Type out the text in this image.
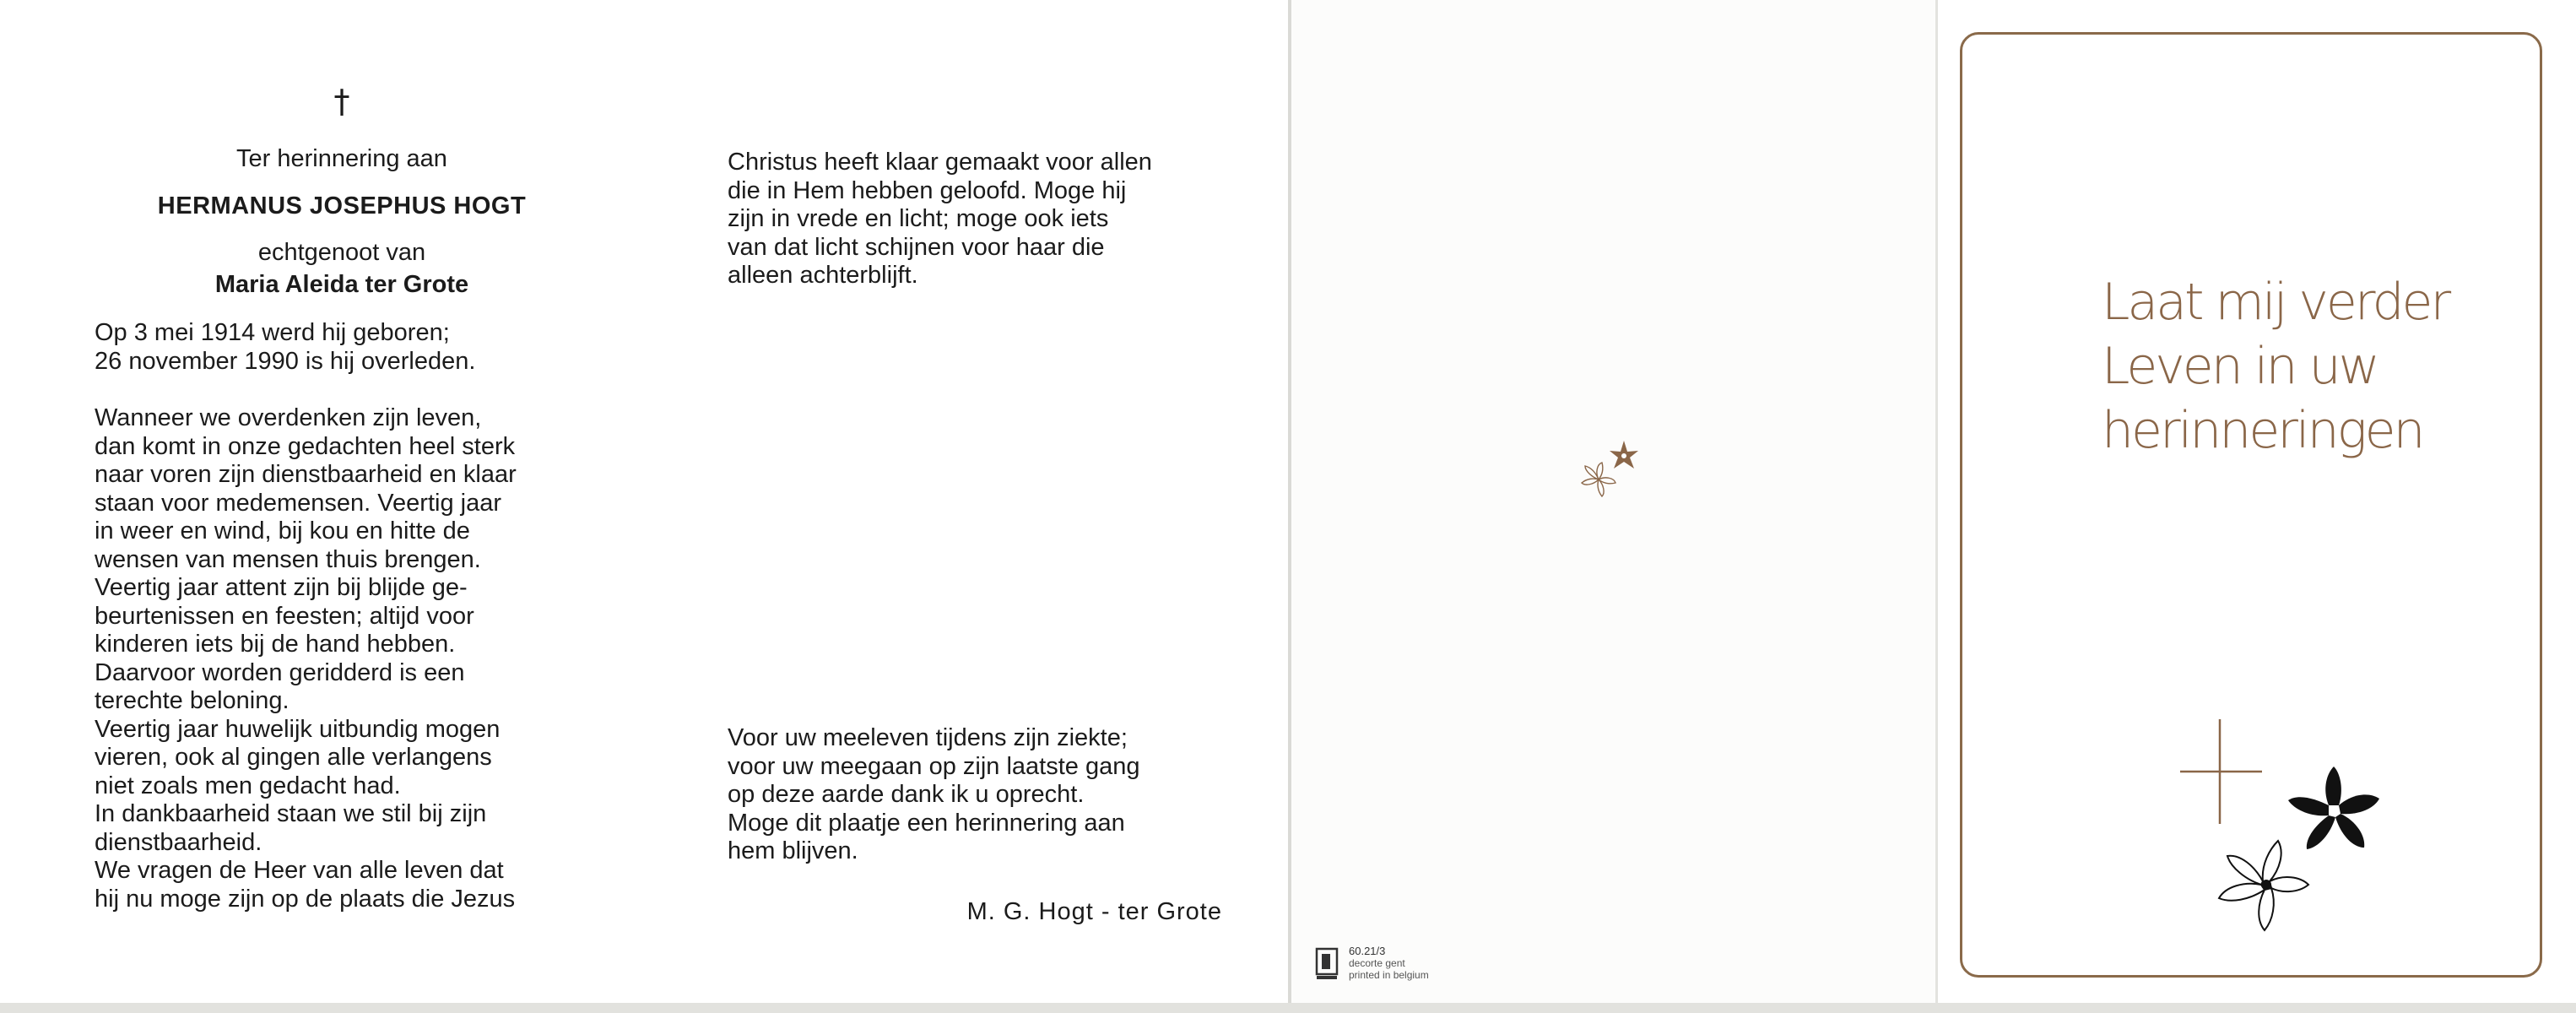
†
Ter herinnering aan
HERMANUS JOSEPHUS HOGT
echtgenoot van
Maria Aleida ter Grote

Op 3 mei 1914 werd hij geboren;

26 november 1990 is hij overleden.

Wanneer we overdenken zijn leven,

dan komt in onze gedachten heel sterk

naar voren zijn dienstbaarheid en klaar

staan voor medemensen. Veertig jaar

in weer en wind, bij kou en hitte de

wensen van mensen thuis brengen.

Veertig jaar attent zijn bij blijde ge-

beurtenissen en feesten; altijd voor

kinderen iets bij de hand hebben.

Daarvoor worden geridderd is een

terechte beloning.

Veertig jaar huwelijk uitbundig mogen

vieren, ook al gingen alle verlangens

niet zoals men gedacht had.

In dankbaarheid staan we stil bij zijn

dienstbaarheid.

We vragen de Heer van alle leven dat

hij nu moge zijn op de plaats die Jezus

Christus heeft klaar gemaakt voor allen

die in Hem hebben geloofd. Moge hij

zijn in vrede en licht; moge ook iets

van dat licht schijnen voor haar die

alleen achterblijft.

Voor uw meeleven tijdens zijn ziekte;

voor uw meegaan op zijn laatste gang

op deze aarde dank ik u oprecht.

Moge dit plaatje een herinnering aan

hem blijven.

M. G. Hogt - ter Grote
60.21/3
decorte gent
printed in belgium
Laat mij verder
Leven in uw
herinneringen
